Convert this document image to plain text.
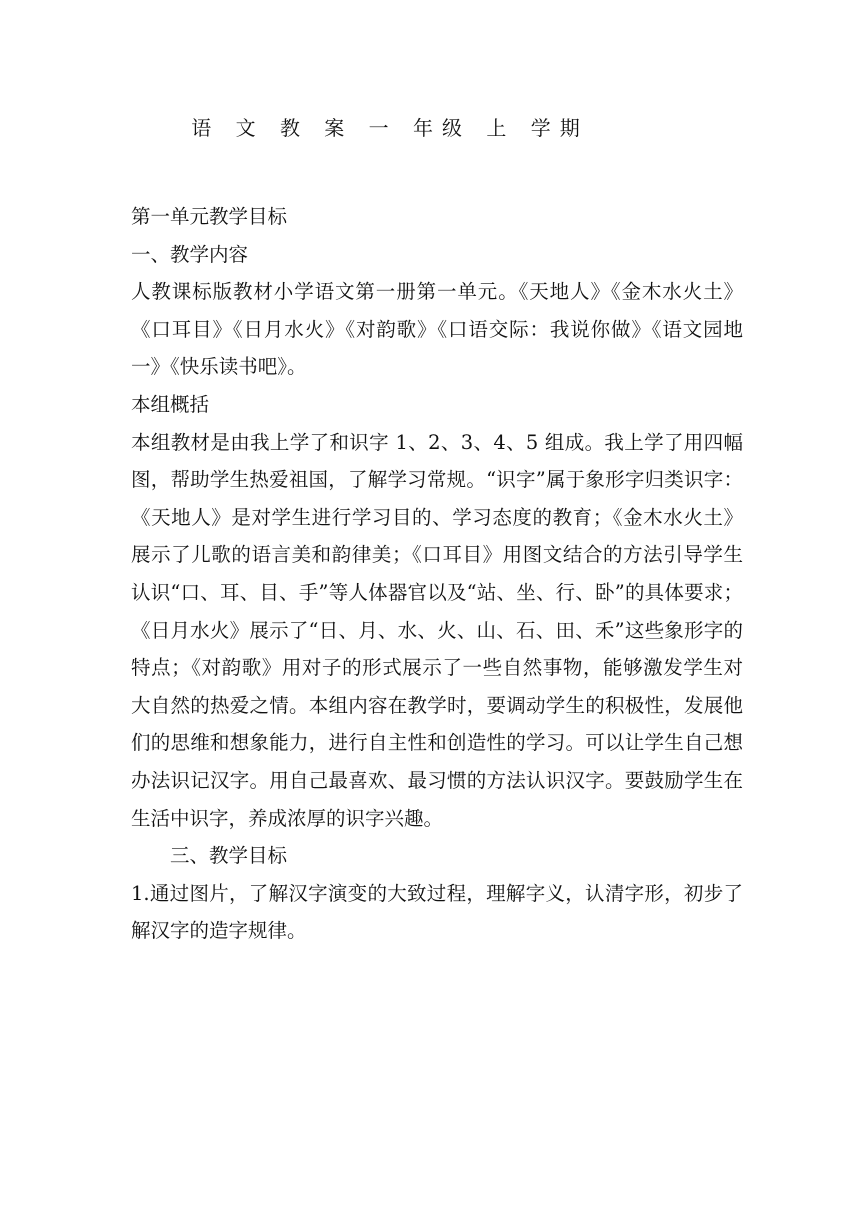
语 文 教 案 一 年级 上 学期

第一单元教学目标

一、教学内容

人教课标版教材小学语文第一册第一单元。《天地人》《金木水火土》《口耳目》《日月水火》《对韵歌》《口语交际：我说你做》《语文园地一》《快乐读书吧》。

本组概括

本组教材是由我上学了和识字 1、2、3、4、5 组成。我上学了用四幅图，帮助学生热爱祖国，了解学习常规。“识字”属于象形字归类识字：《天地人》是对学生进行学习目的、学习态度的教育；《金木水火土》展示了儿歌的语言美和韵律美；《口耳目》用图文结合的方法引导学生认识“口、耳、目、手”等人体器官以及“站、坐、行、卧”的具体要求；《日月水火》展示了“日、月、水、火、山、石、田、禾”这些象形字的特点；《对韵歌》用对子的形式展示了一些自然事物，能够激发学生对大自然的热爱之情。本组内容在教学时，要调动学生的积极性，发展他们的思维和想象能力，进行自主性和创造性的学习。可以让学生自己想办法识记汉字。用自己最喜欢、最习惯的方法认识汉字。要鼓励学生在生活中识字，养成浓厚的识字兴趣。

三、教学目标

1.通过图片，了解汉字演变的大致过程，理解字义，认清字形，初步了解汉字的造字规律。
